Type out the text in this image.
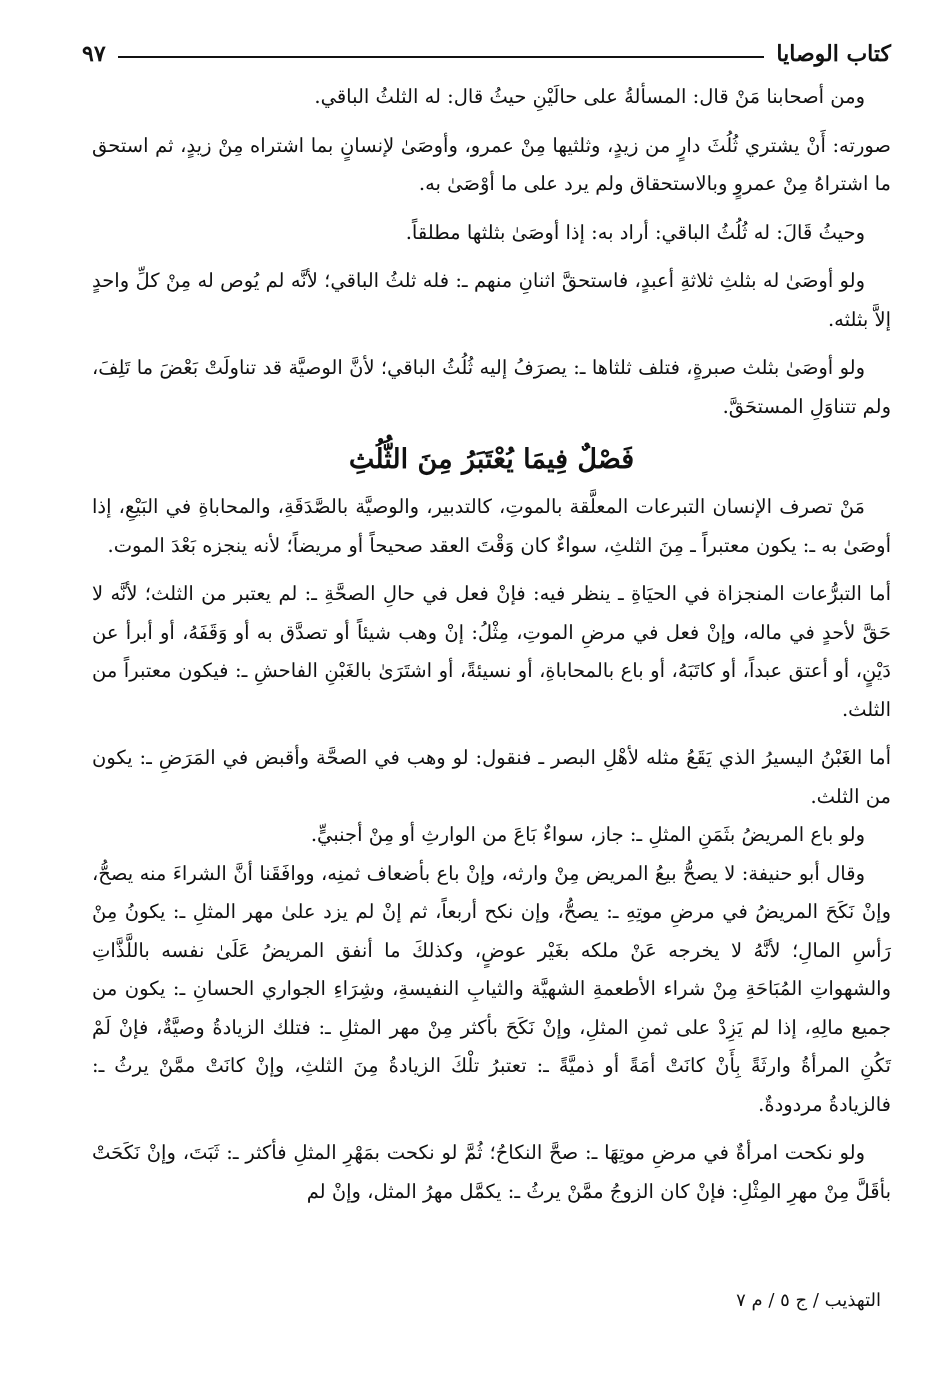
كتاب الوصايا
٩٧

ومن أصحابنا مَنْ قال: المسألةُ على حالَيْنِ حيثُ قال: له الثلثُ الباقي.

صورته: أَنْ يشتري ثُلُثَ دارٍ من زيدٍ، وثلثيها مِنْ عمرو، وأوصَىٰ لإنسانٍ بما اشتراه مِنْ زيدٍ، ثم استحق ما اشتراهُ مِنْ عمروٍ وبالاستحقاق ولم يرد على ما أوْصَىٰ به.

وحيثُ قَالَ: له ثُلُثُ الباقي: أراد به: إذا أوصَىٰ بثلثها مطلقاً.

ولو أوصَىٰ له بثلثِ ثلاثةِ أعبدٍ، فاستحقَّ اثنانِ منهم ـ: فله ثلثُ الباقي؛ لأنَّه لم يُوص له مِنْ كلِّ واحدٍ إلاَّ بثلثه.

ولو أوصَىٰ بثلث صبرةٍ، فتلف ثلثاها ـ: يصرَفُ إليه ثُلُثُ الباقي؛ لأنَّ الوصيَّة قد تناولَتْ بَعْضَ ما تَلِفَ، ولم تتناوَلِ المستحَقَّ.

فَصْلٌ فِيمَا يُعْتَبَرُ مِنَ الثُّلُثِ

مَنْ تصرف الإنسان التبرعات المعلَّقة بالموتِ، كالتدبير، والوصيَّة بالصَّدَقَةِ، والمحاباةِ في البَيْعِ، إذا أوصَىٰ به ـ: يكون معتبراً ـ مِنَ الثلثِ، سواءٌ كان وَقْتَ العقد صحيحاً أو مريضاً؛ لأنه ينجزه بَعْدَ الموت.

أما التبرُّعات المنجزاة في الحيَاةِ ـ ينظر فيه: فإنْ فعل في حالِ الصحَّةِ ـ: لم يعتبر من الثلث؛ لأنَّه لا حَقَّ لأحدٍ في ماله، وإنْ فعل في مرضِ الموتِ، مِثْلُ: إنْ وهب شيئاً أو تصدَّق به أو وَقَفَهُ، أو أبرأ عن دَيْنٍ، أو أعتق عبداً، أو كاتَبَهُ، أو باع بالمحاباةِ، أو نسيئةً، أو اشتَرَىٰ بالغَبْنِ الفاحشِ ـ: فيكون معتبراً من الثلث.

أما الغَبْنُ اليسيرُ الذي يَقَعُ مثله لأهْلِ البصر ـ فنقول: لو وهب في الصحَّة وأقبض في المَرَضِ ـ: يكون من الثلث.

ولو باع المريضُ بثَمَنِ المثلِ ـ: جاز، سواءٌ بَاعَ من الوارثِ أو مِنْ أجنبيٍّ.

وقال أبو حنيفة: لا يصحُّ بيعُ المريض مِنْ وارثه، وإنْ باع بأضعاف ثمنِه، ووافَقَنا أنَّ الشراءَ منه يصحُّ، وإنْ نَكَحَ المريضُ في مرضِ موتِهِ ـ: يصحُّ، وإن نكح أربعاً، ثم إنْ لم يزد علىٰ مهر المثلِ ـ: يكونُ مِنْ رَأسِ المالِ؛ لأنَّهُ لا يخرجه عَنْ ملكه بغَيْر عوضٍ، وكذلكَ ما أنفق المريضُ عَلَىٰ نفسه باللَّذَّاتِ والشهواتِ المُبَاحَةِ مِنْ شراء الأطعمةِ الشهيَّة والثيابِ النفيسةِ، وشِرَاءِ الجواري الحسانِ ـ: يكون من جميع مالِهِ، إذا لم يَزِدْ على ثمنِ المثلِ، وإنْ نَكَحَ بأكثر مِنْ مهر المثلِ ـ: فتلك الزيادةُ وصيَّةٌ، فإنْ لَمْ تَكُنِ المرأةُ وارثَةً بِأَنْ كانَتْ أمَةً أو ذميَّةً ـ: تعتبرُ تلْكَ الزيادةُ مِنَ الثلثِ، وإنْ كانَتْ ممَّنْ يرثُ ـ: فالزيادةُ مردودةٌ.

ولو نكحت امرأةٌ في مرضِ موتِهَا ـ: صحَّ النكاحُ؛ ثُمَّ لو نكحت بمَهْرِ المثلِ فأكثر ـ: ثَبَتَ، وإنْ نَكَحَتْ بأقَلَّ مِنْ مهرِ المِثْلِ: فإنْ كان الزوجُ ممَّنْ يرثُ ـ: يكمَّل مهرُ المثل، وإنْ لم

التهذيب / ج ٥ / م ٧
